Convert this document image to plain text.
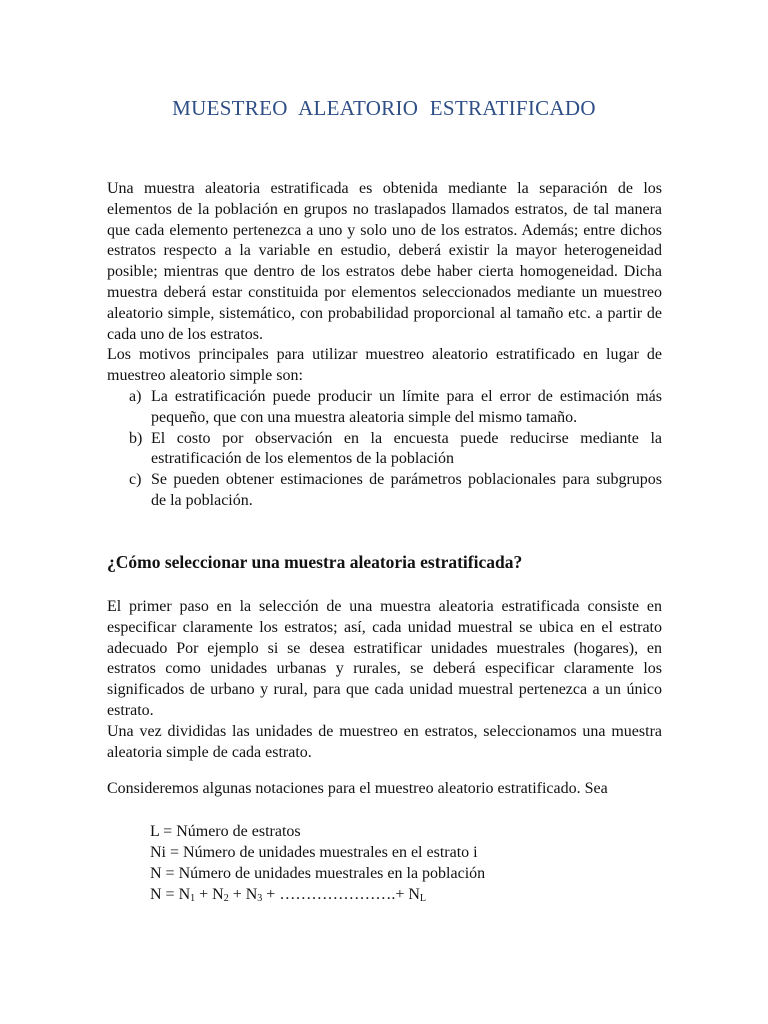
MUESTREO ALEATORIO ESTRATIFICADO

Una muestra aleatoria estratificada es obtenida mediante la separación de los elementos de la población en grupos no traslapados llamados estratos, de tal manera que cada elemento pertenezca a uno y solo uno de los estratos. Además; entre dichos estratos respecto a la variable en estudio, deberá existir la mayor heterogeneidad posible; mientras que dentro de los estratos debe haber cierta homogeneidad. Dicha muestra deberá estar constituida por elementos seleccionados mediante un muestreo aleatorio simple, sistemático, con probabilidad proporcional al tamaño etc. a partir de cada uno de los estratos.

Los motivos principales para utilizar muestreo aleatorio estratificado en lugar de muestreo aleatorio simple son:

a) La estratificación puede producir un límite para el error de estimación más pequeño, que con una muestra aleatoria simple del mismo tamaño.
b) El costo por observación en la encuesta puede reducirse mediante la estratificación de los elementos de la población
c) Se pueden obtener estimaciones de parámetros poblacionales para subgrupos de la población.
¿Cómo seleccionar una muestra aleatoria estratificada?

El primer paso en la selección de una muestra aleatoria estratificada consiste en especificar claramente los estratos; así, cada unidad muestral se ubica en el estrato adecuado Por ejemplo si se desea estratificar unidades muestrales (hogares), en estratos como unidades urbanas y rurales, se deberá especificar claramente los significados de urbano y rural, para que cada unidad muestral pertenezca a un único estrato.

Una vez divididas las unidades de muestreo en estratos, seleccionamos una muestra aleatoria simple de cada estrato.

Consideremos algunas notaciones para el muestreo aleatorio estratificado. Sea

L = Número de estratos
Ni = Número de unidades muestrales en el estrato i
N = Número de unidades muestrales en la población
$N = N_1 + N_2 + N_3$ + ………………….+ $N_L$
